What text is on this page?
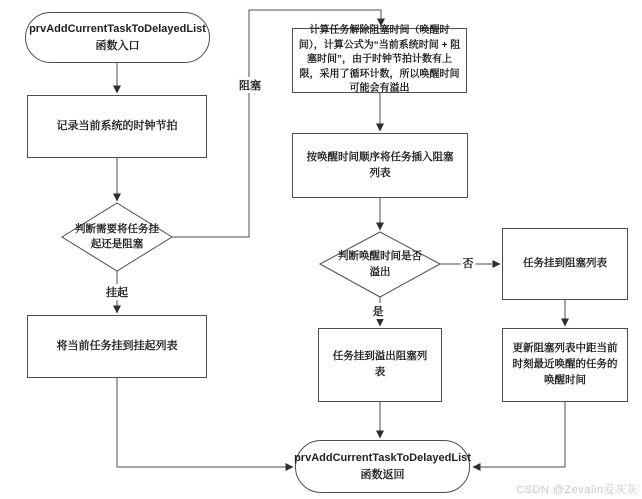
prvAddCurrentTaskToDelayedList
函数入口
prvAddCurrentTaskToDelayedList
函数返回
记录当前系统的时钟节拍
将当前任务挂到挂起列表
计算任务解除阻塞时间（唤醒时间），计算公式为“当前系统时间 + 阻塞时间”，由于时钟节拍计数有上限，采用了循环计数，所以唤醒时间可能会有溢出
按唤醒时间顺序将任务插入阻塞列表
任务挂到溢出阻塞列表
任务挂到阻塞列表
更新阻塞列表中距当前时刻最近唤醒的任务的唤醒时间
判断需要将任务挂起还是阻塞
判断唤醒时间是否溢出
挂起
阻塞
是
否
CSDN @Zevalin爱灰灰
